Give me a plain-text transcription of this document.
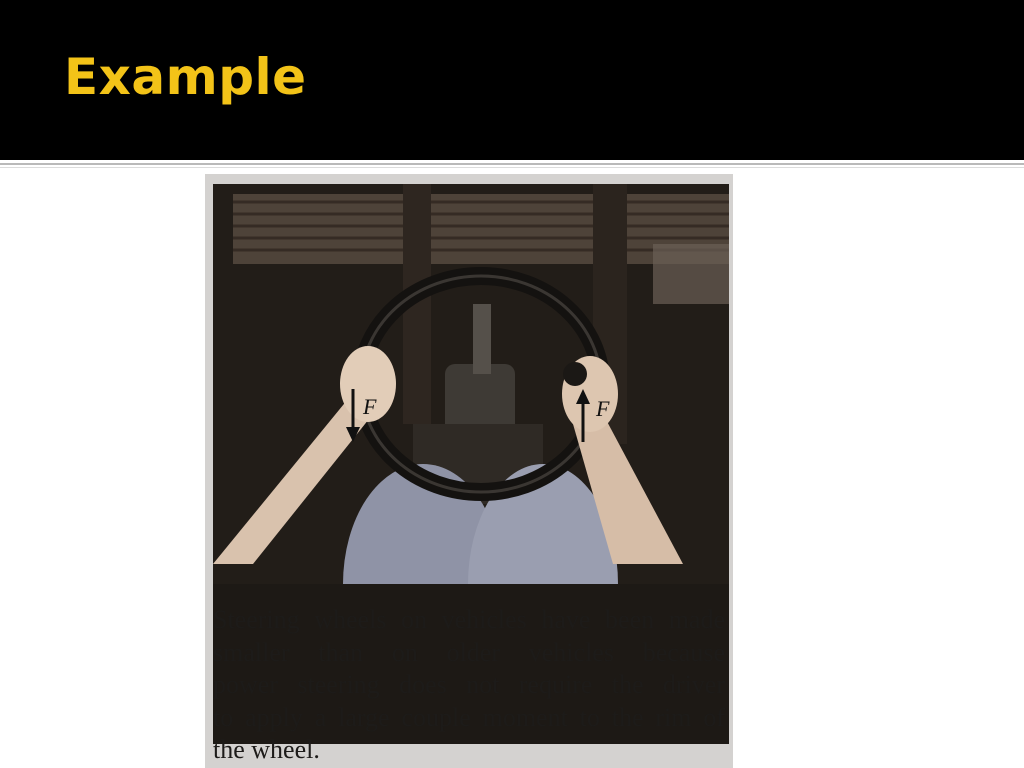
Example
F	F
Steering wheels on vehicles have been made
smaller than on older vehicles because
power steering does not require the driver
to apply a large couple moment to the rim of
the wheel.
